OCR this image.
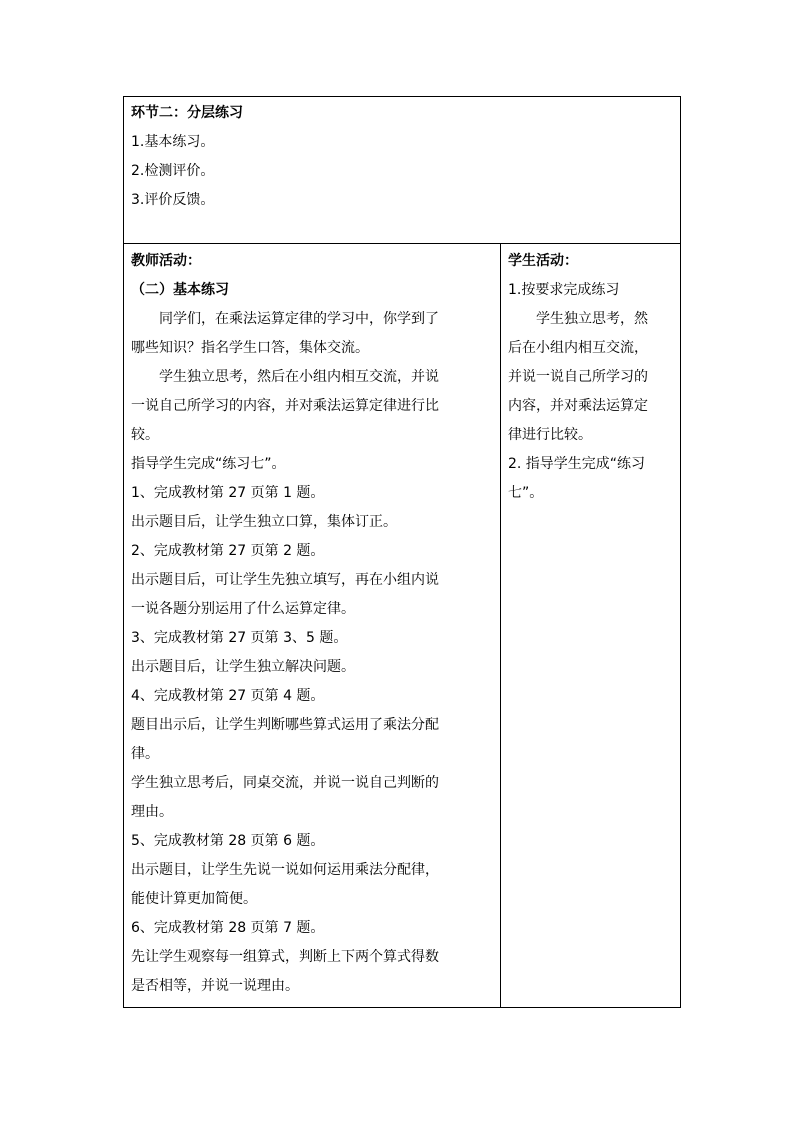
环节二：分层练习
1.基本练习。
2.检测评价。
3.评价反馈。
教师活动：
（二）基本练习
同学们，在乘法运算定律的学习中，你学到了
哪些知识？指名学生口答，集体交流。
学生独立思考，然后在小组内相互交流，并说
一说自己所学习的内容，并对乘法运算定律进行比
较。
指导学生完成“练习七”。
1、完成教材第 27 页第 1 题。
出示题目后，让学生独立口算，集体订正。
2、完成教材第 27 页第 2 题。
出示题目后，可让学生先独立填写，再在小组内说
一说各题分别运用了什么运算定律。
3、完成教材第 27 页第 3、5 题。
出示题目后，让学生独立解决问题。
4、完成教材第 27 页第 4 题。
题目出示后，让学生判断哪些算式运用了乘法分配
律。
学生独立思考后，同桌交流，并说一说自己判断的
理由。
5、完成教材第 28 页第 6 题。
出示题目，让学生先说一说如何运用乘法分配律，
能使计算更加简便。
6、完成教材第 28 页第 7 题。
先让学生观察每一组算式，判断上下两个算式得数
是否相等，并说一说理由。
学生活动：
1.按要求完成练习
学生独立思考，然
后在小组内相互交流，
并说一说自己所学习的
内容，并对乘法运算定
律进行比较。
2. 指导学生完成“练习
七”。
